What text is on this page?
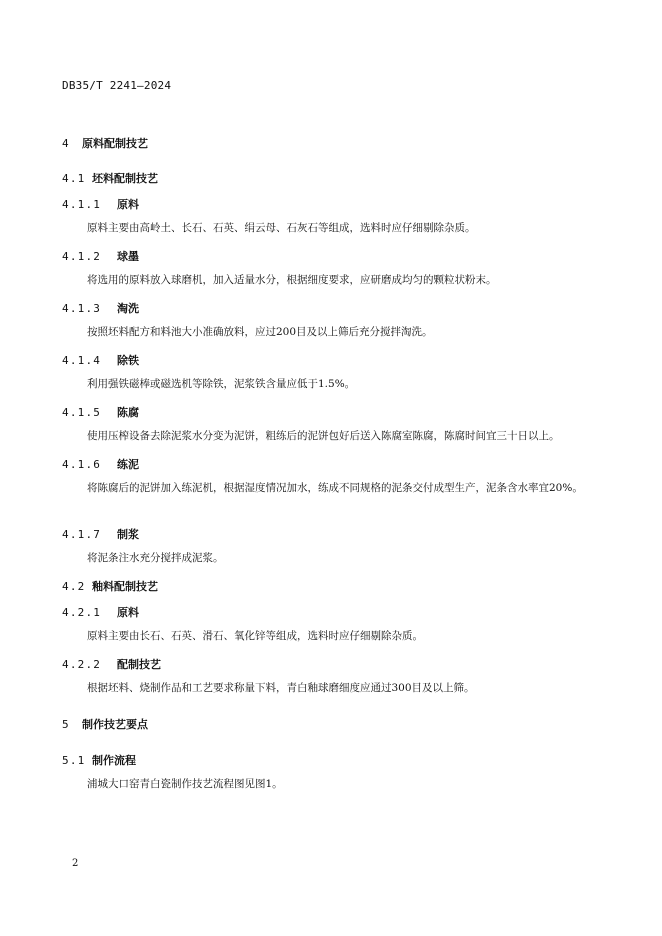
DB35/T 2241—2024
4 原料配制技艺
4.1 坯料配制技艺
4.1.1 原料
原料主要由高岭土、长石、石英、绢云母、石灰石等组成，选料时应仔细剔除杂质。
4.1.2 球墨
将选用的原料放入球磨机，加入适量水分，根据细度要求，应研磨成均匀的颗粒状粉末。
4.1.3 淘洗
按照坯料配方和料池大小准确放料，应过200目及以上筛后充分搅拌淘洗。
4.1.4 除铁
利用强铁磁棒或磁选机等除铁，泥浆铁含量应低于1.5%。
4.1.5 陈腐
使用压榨设备去除泥浆水分变为泥饼，粗练后的泥饼包好后送入陈腐室陈腐，陈腐时间宜三十日以上。
4.1.6 练泥
将陈腐后的泥饼加入练泥机，根据湿度情况加水，练成不同规格的泥条交付成型生产，泥条含水率宜20%。
4.1.7 制浆
将泥条注水充分搅拌成泥浆。
4.2 釉料配制技艺
4.2.1 原料
原料主要由长石、石英、滑石、氧化锌等组成，选料时应仔细剔除杂质。
4.2.2 配制技艺
根据坯料、烧制作品和工艺要求称量下料，青白釉球磨细度应通过300目及以上筛。
5 制作技艺要点
5.1 制作流程
浦城大口窑青白瓷制作技艺流程图见图1。
2
